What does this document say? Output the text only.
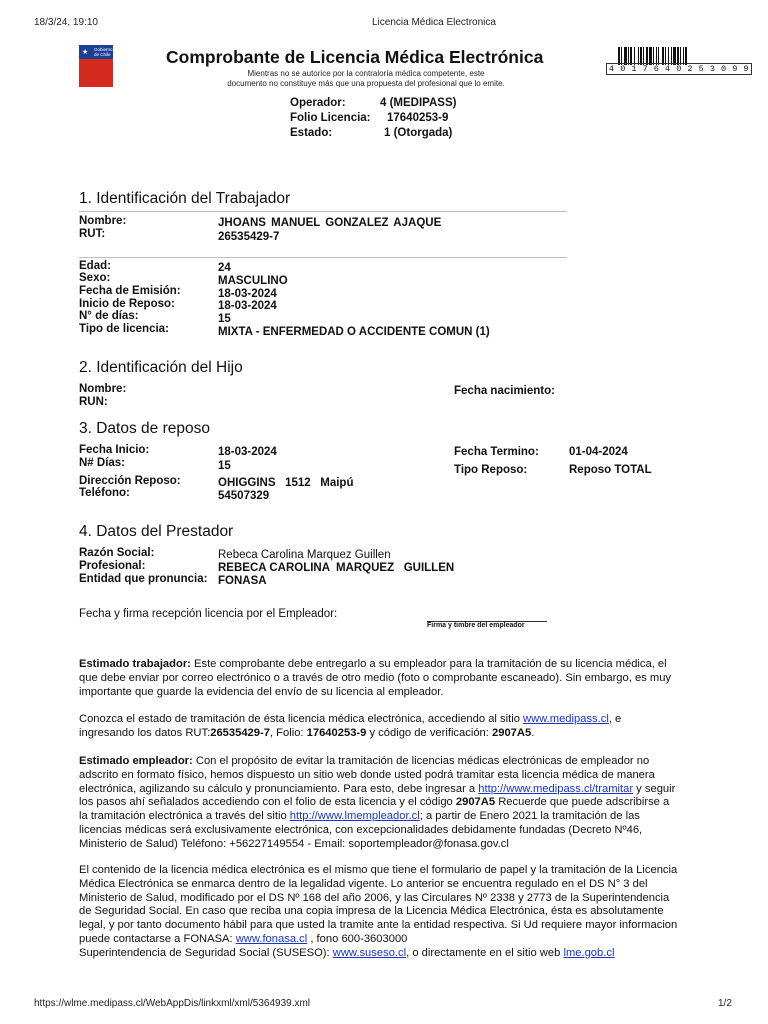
18/3/24, 19:10	Licencia Médica Electronica
★ Gobierno
de Chile	Comprobante de Licencia Médica Electrónica
Mientras no se autorice por la contraloría médica competente, este
documento no constituye más que una propuesta del profesional que lo emite.
4 0 1 7 6 4 0 2 5 3 0 9 9
Operador:	4 (MEDIPASS)
Folio Licencia: 17640253-9
Estado:	1 (Otorgada)
1. Identificación del Trabajador
Nombre:	JHOANS MANUEL GONZALEZ AJAQUE
RUT:	26535429-7
Edad:	24
Sexo:	MASCULINO
Fecha de Emisión:	18-03-2024
Inicio de Reposo:	18-03-2024
N° de días:	15
Tipo de licencia:	MIXTA - ENFERMEDAD O ACCIDENTE COMUN (1)
2. Identificación del Hijo
Nombre:
RUN:
Fecha nacimiento:
3. Datos de reposo
Fecha Inicio:	18-03-2024
N# Días:	15
Dirección Reposo:	OHIGGINS   1512   Maipú
Teléfono:	54507329
Fecha Termino:	01-04-2024
Tipo Reposo:	Reposo TOTAL
4. Datos del Prestador
Razón Social:	Rebeca Carolina Marquez Guillen
Profesional:	REBECA CAROLINA  MARQUEZ   GUILLEN
Entidad que pronuncia: FONASA
Fecha y firma recepción licencia por el Empleador:
Firma y timbre del empleador
Estimado trabajador: Este comprobante debe entregarlo a su empleador para la tramitación de su licencia médica, el
que debe enviar por correo electrónico o a través de otro medio (foto o comprobante escaneado). Sin embargo, es muy
importante que guarde la evidencia del envío de su licencia al empleador.
Conozca el estado de tramitación de ésta licencia médica electrónica, accediendo al sitio www.medipass.cl, e
ingresando los datos RUT:26535429-7, Folio: 17640253-9 y código de verificación: 2907A5.
Estimado empleador: Con el propósito de evitar la tramitación de licencias médicas electrónicas de empleador no
adscrito en formato físico, hemos dispuesto un sitio web donde usted podrá tramitar esta licencia médica de manera
electrónica, agilizando su cálculo y pronunciamiento. Para esto, debe ingresar a http://www.medipass.cl/tramitar y seguir
los pasos ahí señalados accediendo con el folio de esta licencia y el código 2907A5 Recuerde que puede adscribirse a
la tramitación electrónica a través del sitio http://www.lmempleador.cl; a partir de Enero 2021 la tramitación de las
licencias médicas será exclusivamente electrónica, con excepcionalidades debidamente fundadas (Decreto Nº46,
Ministerio de Salud) Teléfono: +56227149554 - Email: soportempleador@fonasa.gov.cl
El contenido de la licencia médica electrónica es el mismo que tiene el formulario de papel y la tramitación de la Licencia
Médica Electrónica se enmarca dentro de la legalidad vigente. Lo anterior se encuentra regulado en el DS N° 3 del
Ministerio de Salud, modificado por el DS Nº 168 del año 2006, y las Circulares Nº 2338 y 2773 de la Superintendencia
de Seguridad Social. En caso que reciba una copia impresa de la Licencia Médica Electrónica, ésta es absolutamente
legal, y por tanto documento hábil para que usted la tramite ante la entidad respectiva. Si Ud requiere mayor informacion
puede contactarse a FONASA: www.fonasa.cl , fono 600-3603000
Superintendencia de Seguridad Social (SUSESO): www.suseso.cl, o directamente en el sitio web lme.gob.cl
https://wlme.medipass.cl/WebAppDis/linkxml/xml/5364939.xml	1/2
